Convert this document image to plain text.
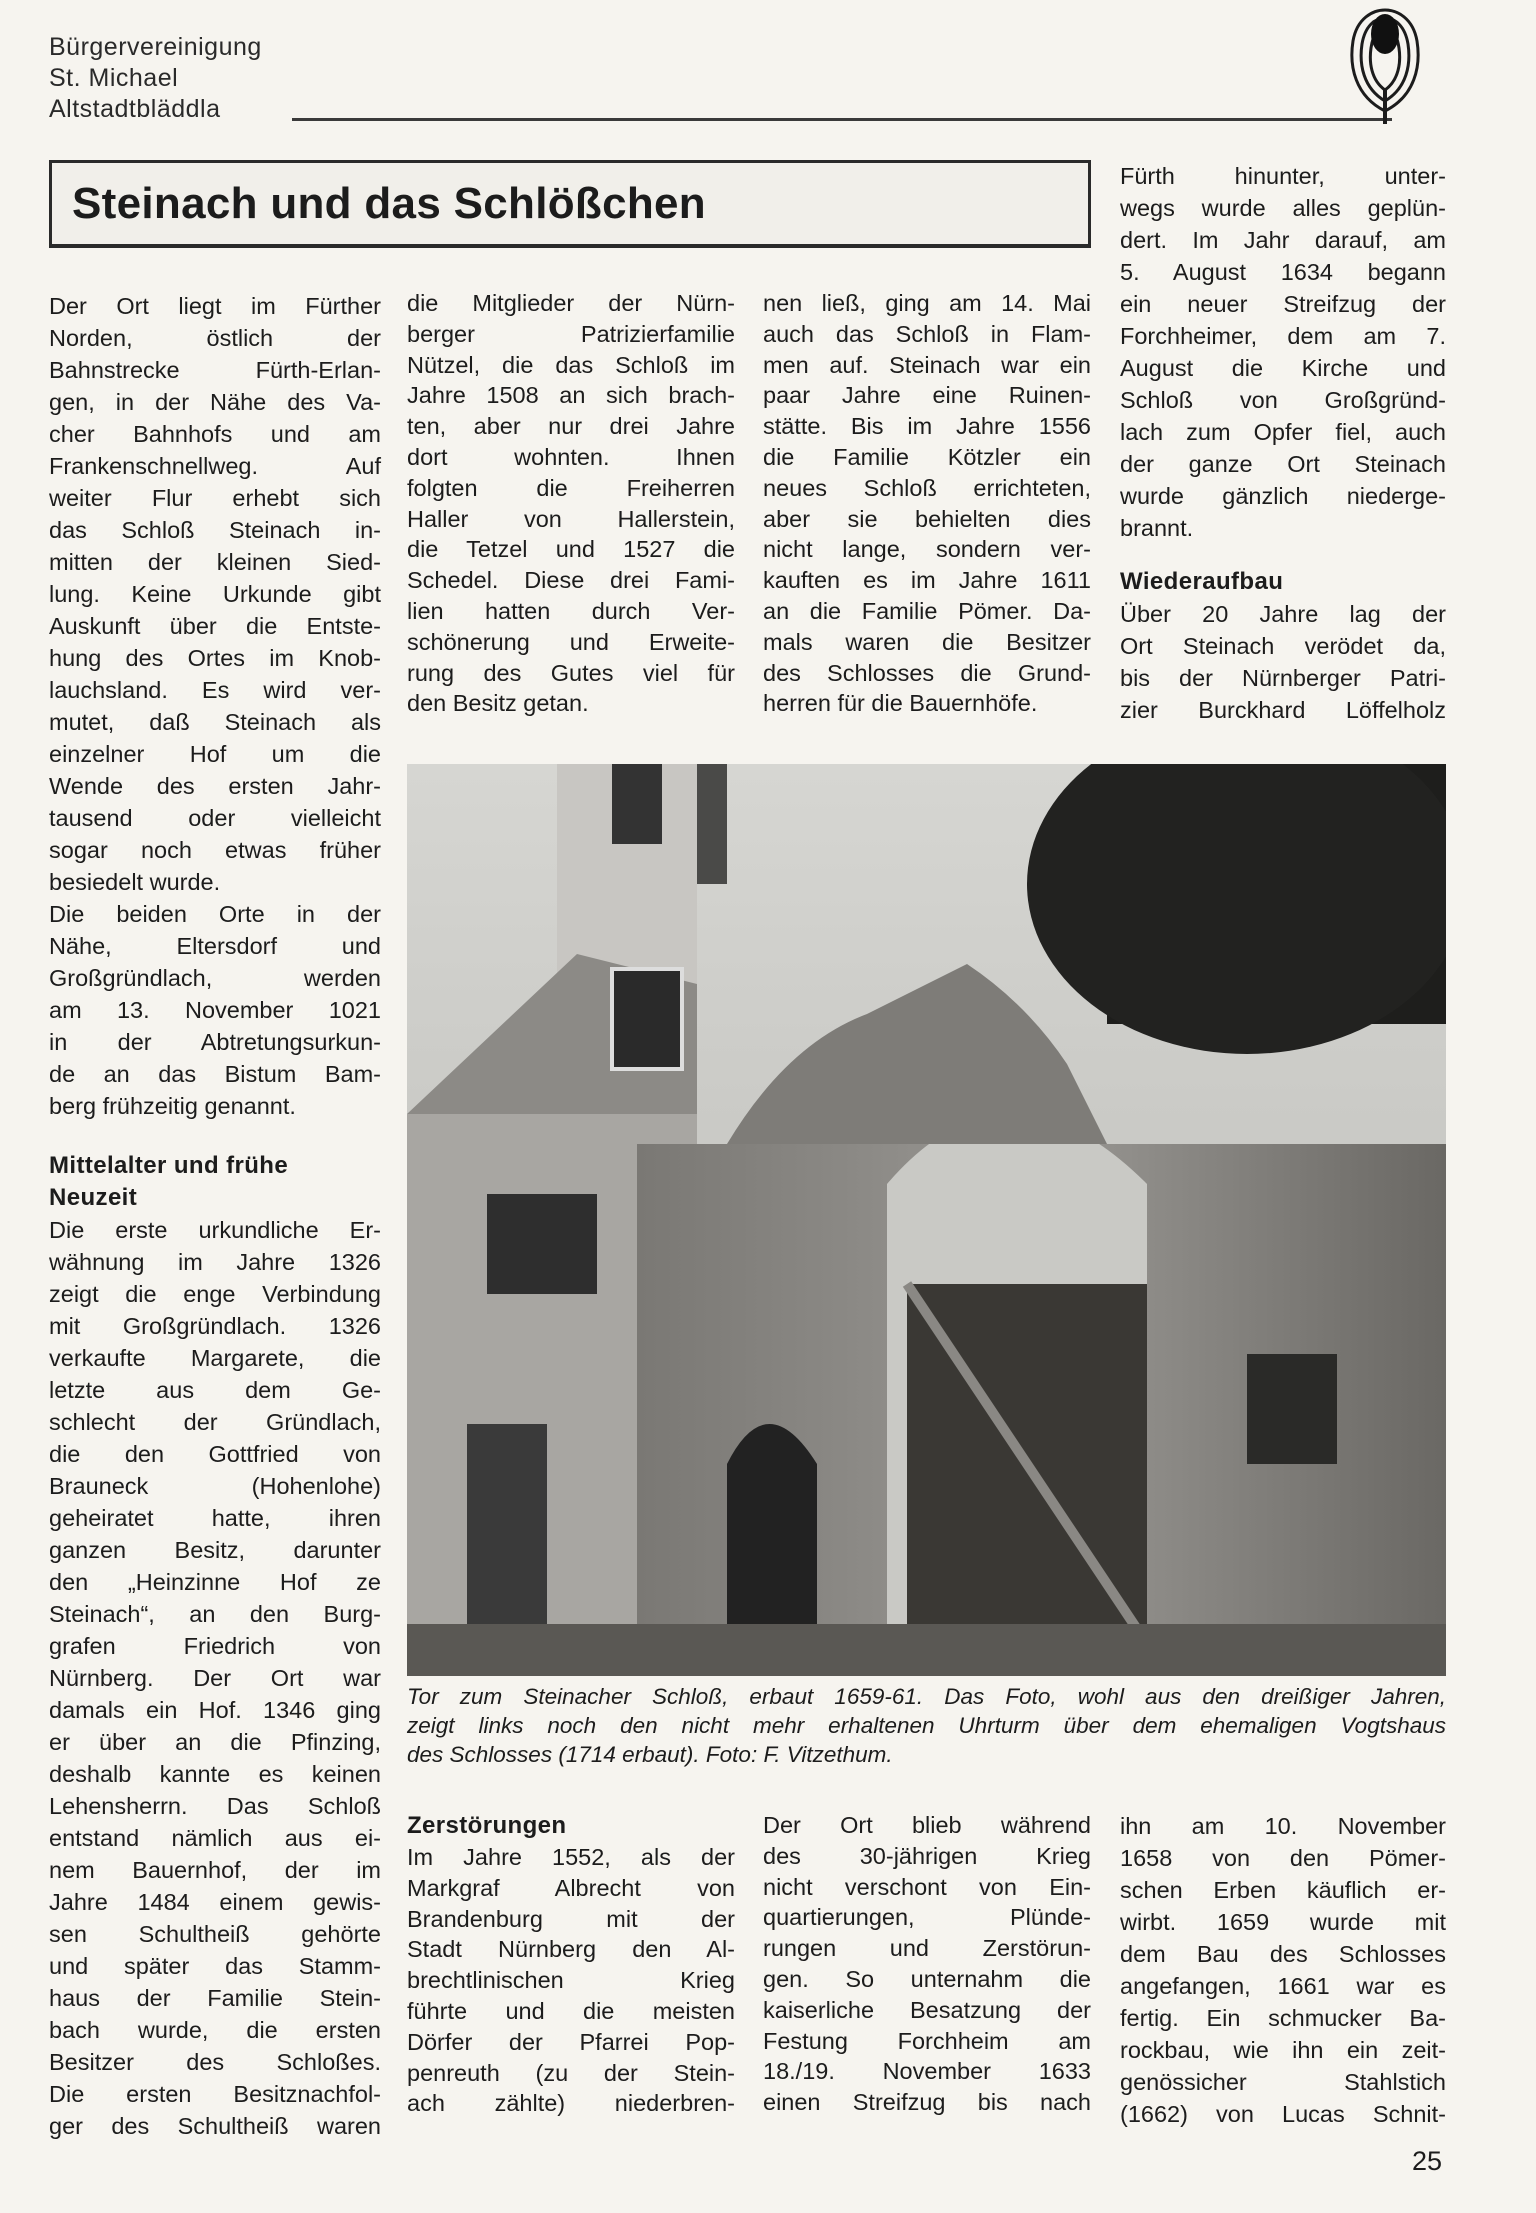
Bürgervereinigung
St. Michael
Altstadtbläddla
Steinach und das Schlößchen
Der Ort liegt im Fürther
Norden, östlich der
Bahnstrecke Fürth-Erlan-
gen, in der Nähe des Va-
cher Bahnhofs und am
Frankenschnellweg. Auf
weiter Flur erhebt sich
das Schloß Steinach in-
mitten der kleinen Sied-
lung. Keine Urkunde gibt
Auskunft über die Entste-
hung des Ortes im Knob-
lauchsland. Es wird ver-
mutet, daß Steinach als
einzelner Hof um die
Wende des ersten Jahr-
tausend oder vielleicht
sogar noch etwas früher
besiedelt wurde.
Die beiden Orte in der
Nähe, Eltersdorf und
Großgründlach, werden
am 13. November 1021
in der Abtretungsurkun-
de an das Bistum Bam-
berg frühzeitig genannt.
Mittelalter und frühe
Neuzeit
Die erste urkundliche Er-
wähnung im Jahre 1326
zeigt die enge Verbindung
mit Großgründlach. 1326
verkaufte Margarete, die
letzte aus dem Ge-
schlecht der Gründlach,
die den Gottfried von
Brauneck (Hohenlohe)
geheiratet hatte, ihren
ganzen Besitz, darunter
den „Heinzinne Hof ze
Steinach“, an den Burg-
grafen Friedrich von
Nürnberg. Der Ort war
damals ein Hof. 1346 ging
er über an die Pfinzing,
deshalb kannte es keinen
Lehensherrn. Das Schloß
entstand nämlich aus ei-
nem Bauernhof, der im
Jahre 1484 einem gewis-
sen Schultheiß gehörte
und später das Stamm-
haus der Familie Stein-
bach wurde, die ersten
Besitzer des Schloßes.
Die ersten Besitznachfol-
ger des Schultheiß waren
die Mitglieder der Nürn-
berger Patrizierfamilie
Nützel, die das Schloß im
Jahre 1508 an sich brach-
ten, aber nur drei Jahre
dort wohnten. Ihnen
folgten die Freiherren
Haller von Hallerstein,
die Tetzel und 1527 die
Schedel. Diese drei Fami-
lien hatten durch Ver-
schönerung und Erweite-
rung des Gutes viel für
den Besitz getan.
nen ließ, ging am 14. Mai
auch das Schloß in Flam-
men auf. Steinach war ein
paar Jahre eine Ruinen-
stätte. Bis im Jahre 1556
die Familie Kötzler ein
neues Schloß errichteten,
aber sie behielten dies
nicht lange, sondern ver-
kauften es im Jahre 1611
an die Familie Pömer. Da-
mals waren die Besitzer
des Schlosses die Grund-
herren für die Bauernhöfe.
Fürth hinunter, unter-
wegs wurde alles geplün-
dert. Im Jahr darauf, am
5. August 1634 begann
ein neuer Streifzug der
Forchheimer, dem am 7.
August die Kirche und
Schloß von Großgründ-
lach zum Opfer fiel, auch
der ganze Ort Steinach
wurde gänzlich niederge-
brannt.
Wiederaufbau
Über 20 Jahre lag der
Ort Steinach verödet da,
bis der Nürnberger Patri-
zier Burckhard Löffelholz
Zerstörungen
Im Jahre 1552, als der
Markgraf Albrecht von
Brandenburg mit der
Stadt Nürnberg den Al-
brechtlinischen Krieg
führte und die meisten
Dörfer der Pfarrei Pop-
penreuth (zu der Stein-
ach zählte) niederbren-
Der Ort blieb während
des 30-jährigen Krieg
nicht verschont von Ein-
quartierungen, Plünde-
rungen und Zerstörun-
gen. So unternahm die
kaiserliche Besatzung der
Festung Forchheim am
18./19. November 1633
einen Streifzug bis nach
ihn am 10. November
1658 von den Pömer-
schen Erben käuflich er-
wirbt. 1659 wurde mit
dem Bau des Schlosses
angefangen, 1661 war es
fertig. Ein schmucker Ba-
rockbau, wie ihn ein zeit-
genössicher Stahlstich
(1662) von Lucas Schnit-
Tor zum Steinacher Schloß, erbaut 1659-61. Das Foto, wohl aus den dreißiger Jahren,
zeigt links noch den nicht mehr erhaltenen Uhrturm über dem ehemaligen Vogtshaus
des Schlosses (1714 erbaut). Foto: F. Vitzethum.
25
